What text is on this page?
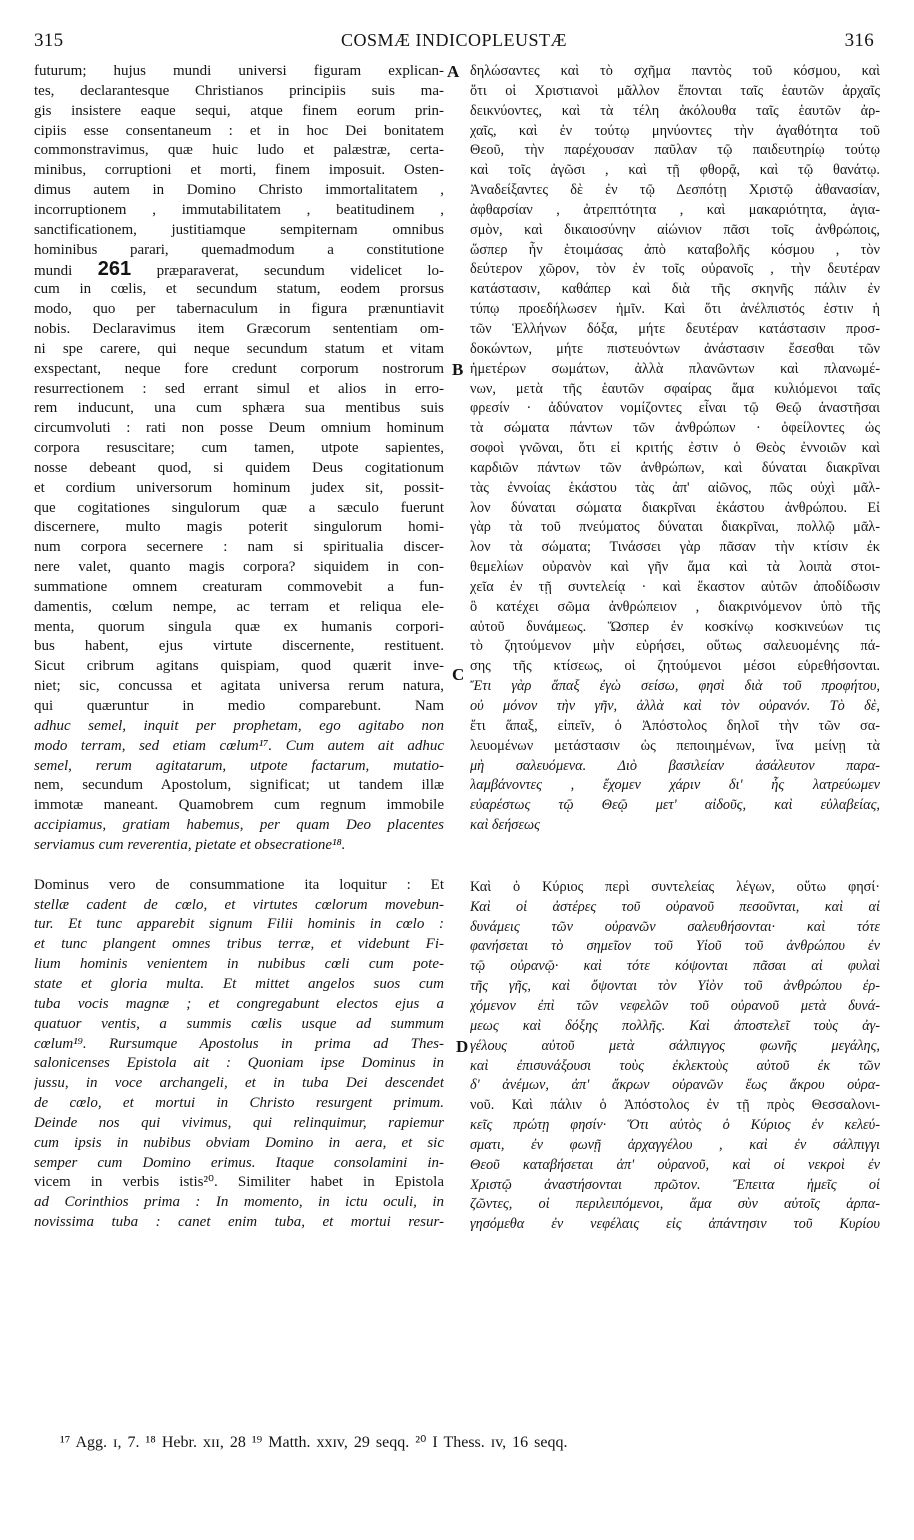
315	COSMÆ INDICOPLEUSTÆ	316
futurum; hujus mundi universi figuram explican-
tes, declarantesque Christianos principiis suis ma-
gis insistere eaque sequi, atque finem eorum prin-
cipiis esse consentaneum : et in hoc Dei bonitatem
commonstravimus, quæ huic ludo et palæstræ, certa-
minibus, corruptioni et morti, finem imposuit. Osten-
dimus autem in Domino Christo immortalitatem ,
incorruptionem , immutabilitatem , beatitudinem ,
sanctificationem, justitiamque sempiternam omnibus
hominibus parari, quemadmodum a constitutione
mundi 261 præparaverat, secundum videlicet lo-
cum in cœlis, et secundum statum, eodem prorsus
modo, quo per tabernaculum in figura prænuntiavit
nobis. Declaravimus item Græcorum sententiam om-
ni spe carere, qui neque secundum statum et vitam
exspectant, neque fore credunt corporum nostrorum
resurrectionem : sed errant simul et alios in erro-
rem inducunt, una cum sphæra sua mentibus suis
circumvoluti : rati non posse Deum omnium hominum
corpora resuscitare; cum tamen, utpote sapientes,
nosse debeant quod, si quidem Deus cogitationum
et cordium universorum hominum judex sit, possit-
que cogitationes singulorum quæ a sæculo fuerunt
discernere, multo magis poterit singulorum homi-
num corpora secernere : nam si spiritualia discer-
nere valet, quanto magis corpora? siquidem in con-
summatione omnem creaturam commovebit a fun-
damentis, cœlum nempe, ac terram et reliqua ele-
menta, quorum singula quæ ex humanis corpori-
bus habent, ejus virtute discernente, restituent.
Sicut cribrum agitans quispiam, quod quærit inve-
niet; sic, concussa et agitata universa rerum natura,
qui quæruntur in medio comparebunt. Nam
adhuc semel, inquit per prophetam, ego agitabo non
modo terram, sed etiam cœlum¹⁷. Cum autem ait adhuc
semel, rerum agitatarum, utpote factarum, mutatio-
nem, secundum Apostolum, significat; ut tandem illæ
immotæ maneant. Quamobrem cum regnum immobile
accipiamus, gratiam habemus, per quam Deo placentes
serviamus cum reverentia, pietate et obsecratione¹⁸.
Dominus vero de consummatione ita loquitur : Et
stellæ cadent de cœlo, et virtutes cœlorum movebun-
tur. Et tunc apparebit signum Filii hominis in cœlo :
et tunc plangent omnes tribus terræ, et videbunt Fi-
lium hominis venientem in nubibus cœli cum pote-
state et gloria multa. Et mittet angelos suos cum
tuba vocis magnæ ; et congregabunt electos ejus a
quatuor ventis, a summis cœlis usque ad summum
cœlum¹⁹. Rursumque Apostolus in prima ad Thes-
salonicenses Epistola ait : Quoniam ipse Dominus in
jussu, in voce archangeli, et in tuba Dei descendet
de cœlo, et mortui in Christo resurgent primum.
Deinde nos qui vivimus, qui relinquimur, rapiemur
cum ipsis in nubibus obviam Domino in aera, et sic
semper cum Domino erimus. Itaque consolamini in-
vicem in verbis istis²⁰. Similiter habet in Epistola
ad Corinthios prima : In momento, in ictu oculi, in
novissima tuba : canet enim tuba, et mortui resur-
δηλώσαντες καὶ τὸ σχῆμα παντὸς τοῦ κόσμου, καὶ
ὅτι οἱ Χριστιανοὶ μᾶλλον ἕπονται ταῖς ἑαυτῶν ἀρχαῖς
δεικνύοντες, καὶ τὰ τέλη ἀκόλουθα ταῖς ἑαυτῶν ἀρ-
χαῖς, καὶ ἐν τούτῳ μηνύοντες τὴν ἀγαθότητα τοῦ
Θεοῦ, τὴν παρέχουσαν παῦλαν τῷ παιδευτηρίῳ τούτῳ
καὶ τοῖς ἀγῶσι , καὶ τῇ φθορᾷ, καὶ τῷ θανάτῳ.
Ἀναδείξαντες δὲ ἐν τῷ Δεσπότῃ Χριστῷ ἀθανασίαν,
ἀφθαρσίαν , ἀτρεπτότητα , καὶ μακαριότητα, ἁγια-
σμὸν, καὶ δικαιοσύνην αἰώνιον πᾶσι τοῖς ἀνθρώποις,
ὥσπερ ἦν ἑτοιμάσας ἀπὸ καταβολῆς κόσμου , τὸν
δεύτερον χῶρον, τὸν ἐν τοῖς οὐρανοῖς , τὴν δευτέραν
κατάστασιν, καθάπερ καὶ διὰ τῆς σκηνῆς πάλιν ἐν
τύπῳ προεδήλωσεν ἡμῖν. Καὶ ὅτι ἀνέλπιστός ἐστιν ἡ
τῶν Ἑλλήνων δόξα, μήτε δευτέραν κατάστασιν προσ-
δοκώντων, μήτε πιστευόντων ἀνάστασιν ἔσεσθαι τῶν
ἡμετέρων σωμάτων, ἀλλὰ πλανῶντων καὶ πλανωμέ-
νων, μετὰ τῆς ἑαυτῶν σφαίρας ἅμα κυλιόμενοι ταῖς
φρεσίν · ἀδύνατον νομίζοντες εἶναι τῷ Θεῷ ἀναστῆσαι
τὰ σώματα πάντων τῶν ἀνθρώπων · ὀφείλοντες ὡς
σοφοὶ γνῶναι, ὅτι εἰ κριτής ἐστιν ὁ Θεὸς ἐννοιῶν καὶ
καρδιῶν πάντων τῶν ἀνθρώπων, καὶ δύναται διακρῖναι
τὰς ἐννοίας ἑκάστου τὰς ἀπ' αἰῶνος, πῶς οὐχὶ μᾶλ-
λον δύναται σώματα διακρῖναι ἑκάστου ἀνθρώπου. Εἰ
γὰρ τὰ τοῦ πνεύματος δύναται διακρῖναι, πολλῷ μᾶλ-
λον τὰ σώματα; Τινάσσει γὰρ πᾶσαν τὴν κτίσιν ἐκ
θεμελίων οὐρανὸν καὶ γῆν ἅμα καὶ τὰ λοιπὰ στοι-
χεῖα ἐν τῇ συντελείᾳ · καὶ ἕκαστον αὐτῶν ἀποδίδωσιν
ὃ κατέχει σῶμα ἀνθρώπειον , διακρινόμενον ὑπὸ τῆς
αὐτοῦ δυνάμεως. Ὥσπερ ἐν κοσκίνῳ κοσκινεύων τις
τὸ ζητούμενον μὴν εὑρήσει, οὕτως σαλευομένης πά-
σης τῆς κτίσεως, οἱ ζητούμενοι μέσοι εὑρεθήσονται.
Ἔτι γὰρ ἅπαξ ἐγὼ σείσω, φησὶ διὰ τοῦ προφήτου,
οὐ μόνον τὴν γῆν, ἀλλὰ καὶ τὸν οὐρανόν. Τὸ δὲ,
ἔτι ἅπαξ, εἰπεῖν, ὁ Ἀπόστολος δηλοῖ τὴν τῶν σα-
λευομένων μετάστασιν ὡς πεποιημένων, ἵνα μείνῃ τὰ
μὴ σαλευόμενα. Διὸ βασιλείαν ἀσάλευτον παρα-
λαμβάνοντες , ἔχομεν χάριν δι' ἧς λατρεύωμεν
εὐαρέστως τῷ Θεῷ μετ' αἰδοῦς, καὶ εὐλαβείας,
καὶ δεήσεως
Καὶ ὁ Κύριος περὶ συντελείας λέγων, οὕτω φησί·
Καὶ οἱ ἀστέρες τοῦ οὐρανοῦ πεσοῦνται, καὶ αἱ
δυνάμεις τῶν οὐρανῶν σαλευθήσονται· καὶ τότε
φανήσεται τὸ σημεῖον τοῦ Υἱοῦ τοῦ ἀνθρώπου ἐν
τῷ οὐρανῷ· καὶ τότε κόψονται πᾶσαι αἱ φυλαὶ
τῆς γῆς, καὶ ὄψονται τὸν Υἱὸν τοῦ ἀνθρώπου ἐρ-
χόμενον ἐπὶ τῶν νεφελῶν τοῦ οὐρανοῦ μετὰ δυνά-
μεως καὶ δόξης πολλῆς. Καὶ ἀποστελεῖ τοὺς ἀγ-
γέλους αὐτοῦ μετὰ σάλπιγγος φωνῆς μεγάλης,
καὶ ἐπισυνάξουσι τοὺς ἐκλεκτοὺς αὐτοῦ ἐκ τῶν
δ' ἀνέμων, ἀπ' ἄκρων οὐρανῶν ἕως ἄκρου οὐρα-
νοῦ. Καὶ πάλιν ὁ Ἀπόστολος ἐν τῇ πρὸς Θεσσαλονι-
κεῖς πρώτῃ φησίν· Ὅτι αὐτὸς ὁ Κύριος ἐν κελεύ-
σματι, ἐν φωνῇ ἀρχαγγέλου , καὶ ἐν σάλπιγγι
Θεοῦ καταβήσεται ἀπ' οὐρανοῦ, καὶ οἱ νεκροὶ ἐν
Χριστῷ ἀναστήσονται πρῶτον. Ἔπειτα ἡμεῖς οἱ
ζῶντες, οἱ περιλειπόμενοι, ἅμα σὺν αὐτοῖς ἁρπα-
γησόμεθα ἐν νεφέλαις εἰς ἀπάντησιν τοῦ Κυρίου
A
B
C
D
¹⁷ Agg. ɪ, 7. ¹⁸ Hebr. xɪɪ, 28 ¹⁹ Matth. xxɪv, 29 seqq. ²⁰ I Thess. ɪv, 16 seqq.
